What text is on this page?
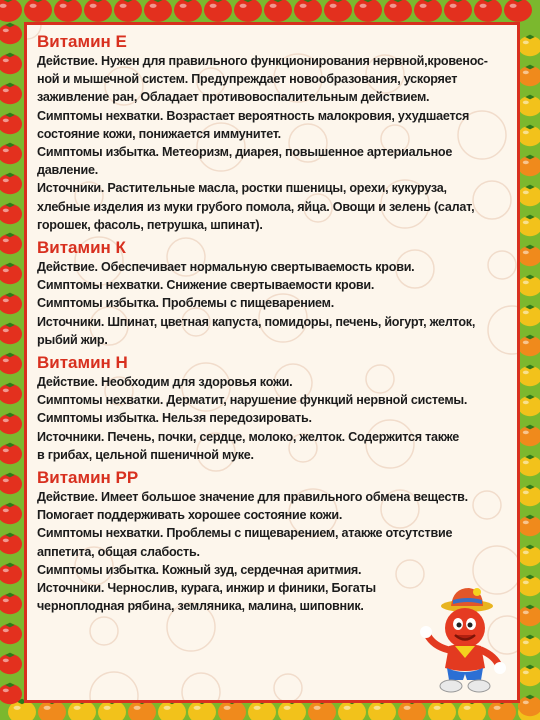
Витамин Е

Действие. Нужен для правильного функционирования нервной,кровенос-

ной и мышечной систем. Предупреждает новообразования, ускоряет

заживление ран, Обладает противовоспалительным действием.

Симптомы нехватки. Возрастает вероятность малокровия, ухудшается

состояние кожи, понижается иммунитет.

Симптомы избытка. Метеоризм, диарея, повышенное артериальное

давление.

Источники. Растительные масла, ростки пшеницы, орехи, кукуруза,

хлебные изделия из муки грубого помола, яйца. Овощи и зелень (салат,

горошек, фасоль, петрушка, шпинат).

Витамин К

Действие. Обеспечивает нормальную свертываемость крови.

Симптомы нехватки. Снижение свертываемости крови.

Симптомы избытка. Проблемы с пищеварением.

Источники. Шпинат, цветная капуста, помидоры, печень, йогурт, желток,

рыбий жир.

Витамин Н

Действие. Необходим для здоровья кожи.

Симптомы нехватки. Дерматит, нарушение функций нервной системы.

Симптомы избытка. Нельзя передозировать.

Источники. Печень, почки, сердце, молоко, желток. Содержится также

в грибах, цельной пшеничной муке.

Витамин РР

Действие. Имеет большое значение для правильного обмена веществ.

Помогает поддерживать хорошее состояние кожи.

Симптомы нехватки. Проблемы с пищеварением, атакже отсутствие

аппетита, общая слабость.

Симптомы избытка. Кожный зуд, сердечная аритмия.

Источники. Чернослив, курага, инжир и финики, Богаты

черноплодная рябина, земляника, малина, шиповник.
